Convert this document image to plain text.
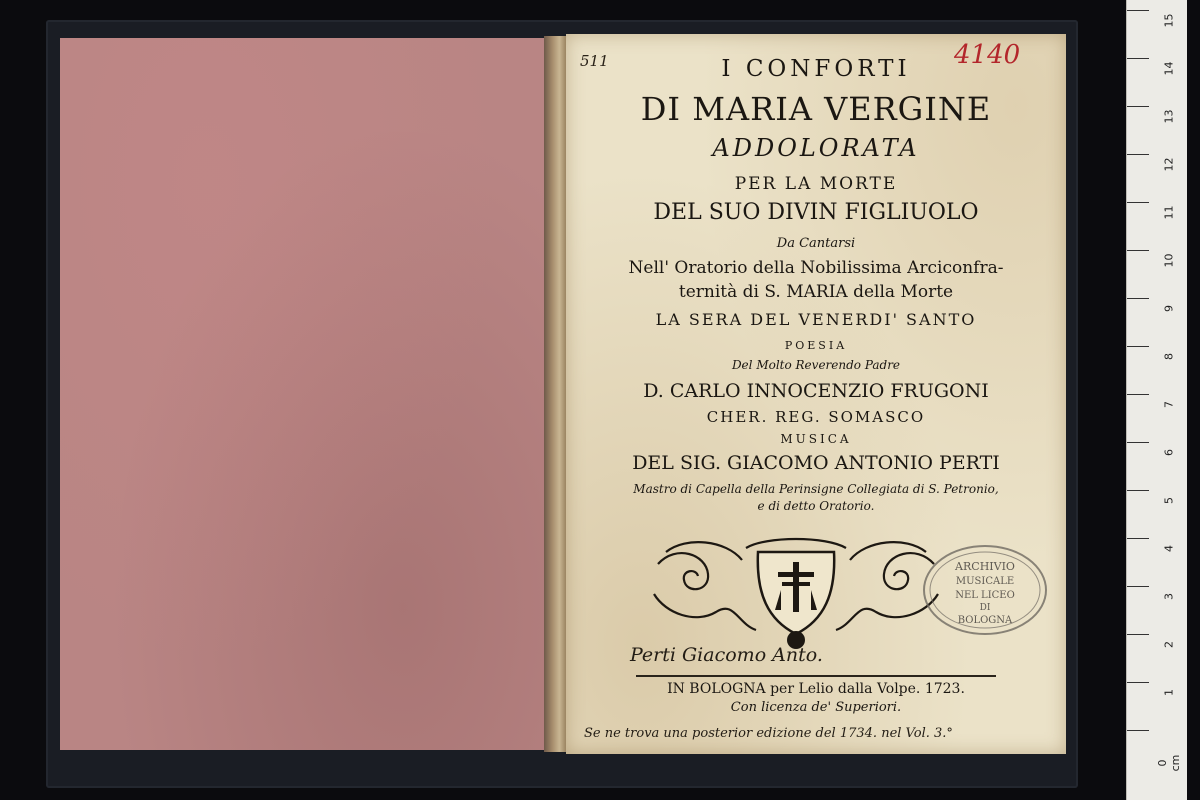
511	4140

I CONFORTI

DI MARIA VERGINE

ADDOLORATA

PER LA MORTE

DEL SUO DIVIN FIGLIUOLO

Da Cantarsi

Nell' Oratorio della Nobilissima Arciconfra-

ternità di S. MARIA della Morte

LA SERA DEL VENERDI' SANTO

POESIA

Del Molto Reverendo Padre

D. CARLO INNOCENZIO FRUGONI

CHER. REG. SOMASCO

MUSICA

DEL SIG. GIACOMO ANTONIO PERTI

Mastro di Capella della Perinsigne Collegiata di S. Petronio,

e di detto Oratorio.

ARCHIVIO
MUSICALE
NEL LICEO
DI
BOLOGNA

Perti Giacomo Anto.

IN BOLOGNA per Lelio dalla Volpe. 1723.

Con licenza de' Superiori.

Se ne trova una posterior edizione del 1734. nel Vol. 3.°

15
14
13
12
11
10
9
8
7
6
5
4
3
2
1
0 cm
